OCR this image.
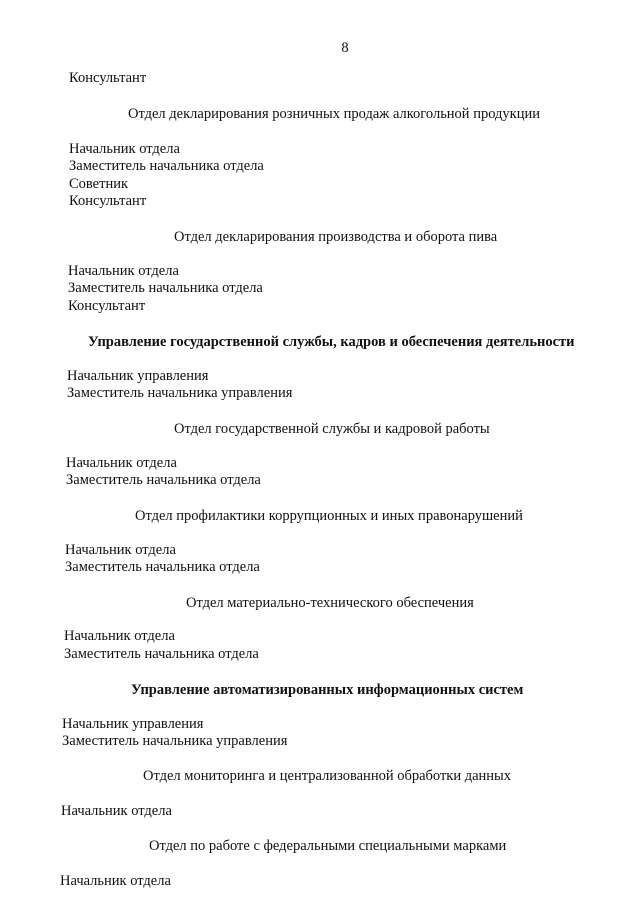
8
Консультант
Отдел декларирования розничных продаж алкогольной продукции
Начальник отдела
Заместитель начальника отдела
Советник
Консультант
Отдел декларирования производства и оборота пива
Начальник отдела
Заместитель начальника отдела
Консультант
Управление государственной службы, кадров и обеспечения деятельности
Начальник управления
Заместитель начальника управления
Отдел государственной службы и кадровой работы
Начальник отдела
Заместитель начальника отдела
Отдел профилактики коррупционных и иных правонарушений
Начальник отдела
Заместитель начальника отдела
Отдел материально-технического обеспечения
Начальник отдела
Заместитель начальника отдела
Управление автоматизированных информационных систем
Начальник управления
Заместитель начальника управления
Отдел мониторинга и централизованной обработки данных
Начальник отдела
Отдел по работе с федеральными специальными марками
Начальник отдела
